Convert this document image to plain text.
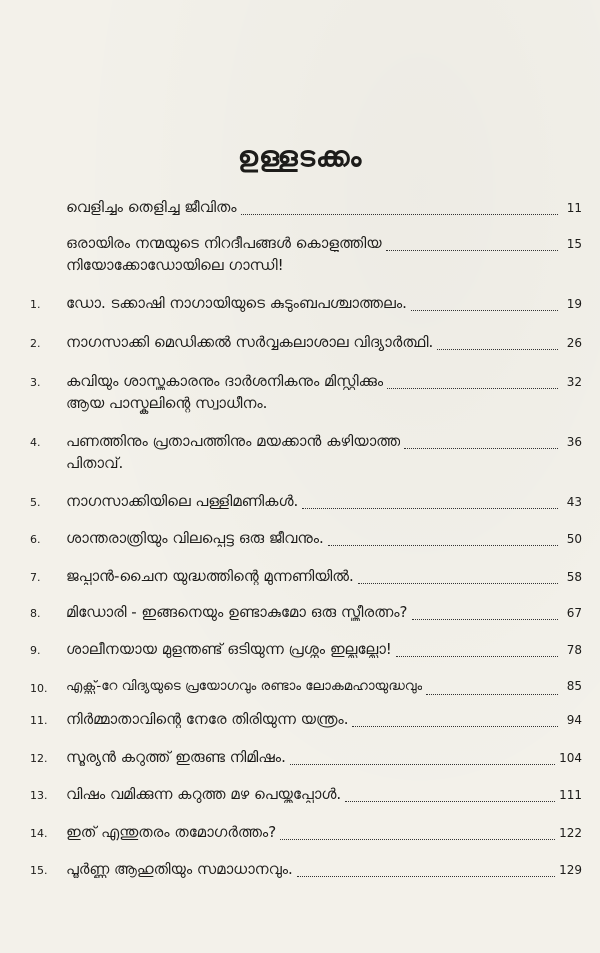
ഉള്ളടക്കം
വെളിച്ചം തെളിച്ച ജീവിതം	11
ഒരായിരം നന്മയുടെ നിറദീപങ്ങൾ കൊളുത്തിയ	15
നിയോക്കോഡോയിലെ ഗാന്ധി!
1.	ഡോ. ടക്കാഷി നാഗായിയുടെ കുടുംബപശ്ചാത്തലം.	19
2.	നാഗസാക്കി മെഡിക്കൽ സർവ്വകലാശാല വിദ്യാർത്ഥി.	26
3.	കവിയും ശാസ്ത്രകാരനും ദാർശനികനും മിസ്റ്റിക്കും	32
ആയ പാസ്കലിന്റെ സ്വാധീനം.
4.	പണത്തിനും പ്രതാപത്തിനും മയക്കാൻ കഴിയാത്ത	36
പിതാവ്.
5.	നാഗസാക്കിയിലെ പള്ളിമണികൾ.	43
6.	ശാന്തരാത്രിയും വിലപ്പെട്ട ഒരു ജീവനും.	50
7.	ജപ്പാൻ-ചൈന യുദ്ധത്തിന്റെ മുന്നണിയിൽ.	58
8.	മിഡോരി - ഇങ്ങനെയും ഉണ്ടാകുമോ ഒരു സ്ത്രീരത്നം?	67
9.	ശാലീനയായ മുളന്തണ്ട് ഒടിയുന്ന പ്രശ്നം ഇല്ലല്ലോ!	78
10.	എക്സ്-റേ വിദ്യയുടെ പ്രയോഗവും രണ്ടാം ലോകമഹായുദ്ധവും	85
11.	നിർമ്മാതാവിന്റെ നേരേ തിരിയുന്ന യന്ത്രം.	94
12.	സൂര്യൻ കറുത്ത് ഇരുണ്ട നിമിഷം.	104
13.	വിഷം വമിക്കുന്ന കറുത്ത മഴ പെയ്തപ്പോൾ.	111
14.	ഇത് എന്തുതരം തമോഗർത്തം?	122
15.	പൂർണ്ണ ആഹുതിയും സമാധാനവും.	129
